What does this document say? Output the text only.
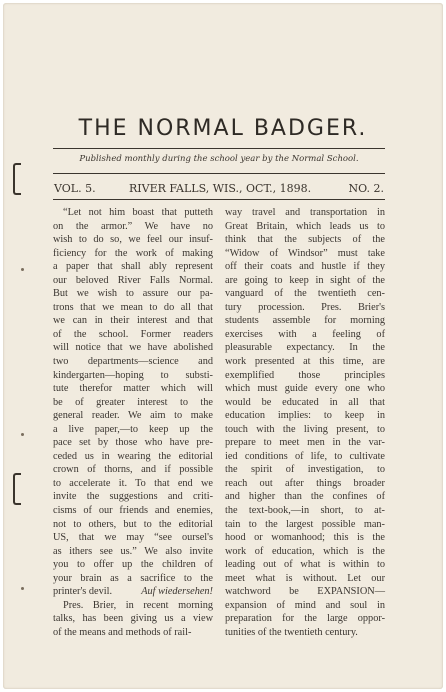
THE NORMAL BADGER.
Published monthly during the school year by the Normal School.
VOL. 5.	RIVER FALLS, WIS., OCT., 1898.	NO. 2.

“Let not him boast that putteth

on the armor.” We have no

wish to do so, we feel our insuf-

ficiency for the work of making

a paper that shall ably represent

our beloved River Falls Normal.

But we wish to assure our pa-

trons that we mean to do all that

we can in their interest and that

of the school. Former readers

will notice that we have abolished

two departments—science and

kindergarten—hoping to substi-

tute therefor matter which will

be of greater interest to the

general reader. We aim to make

a live paper,—to keep up the

pace set by those who have pre-

ceded us in wearing the editorial

crown of thorns, and if possible

to accelerate it. To that end we

invite the suggestions and criti-

cisms of our friends and enemies,

not to others, but to the editorial

US, that we may “see oursel's

as ithers see us.” We also invite

you to offer up the children of

your brain as a sacrifice to the

printer's devil.	Auf wiedersehen!

Pres. Brier, in recent morning

talks, has been giving us a view

of the means and methods of rail-

way travel and transportation in

Great Britain, which leads us to

think that the subjects of the

“Widow of Windsor” must take

off their coats and hustle if they

are going to keep in sight of the

vanguard of the twentieth cen-

tury procession. Pres. Brier's

students assemble for morning

exercises with a feeling of

pleasurable expectancy. In the

work presented at this time, are

exemplified those principles

which must guide every one who

would be educated in all that

education implies: to keep in

touch with the living present, to

prepare to meet men in the var-

ied conditions of life, to cultivate

the spirit of investigation, to

reach out after things broader

and higher than the confines of

the text-book,—in short, to at-

tain to the largest possible man-

hood or womanhood; this is the

work of education, which is the

leading out of what is within to

meet what is without. Let our

watchword be EXPANSION—

expansion of mind and soul in

preparation for the large oppor-

tunities of the twentieth century.
